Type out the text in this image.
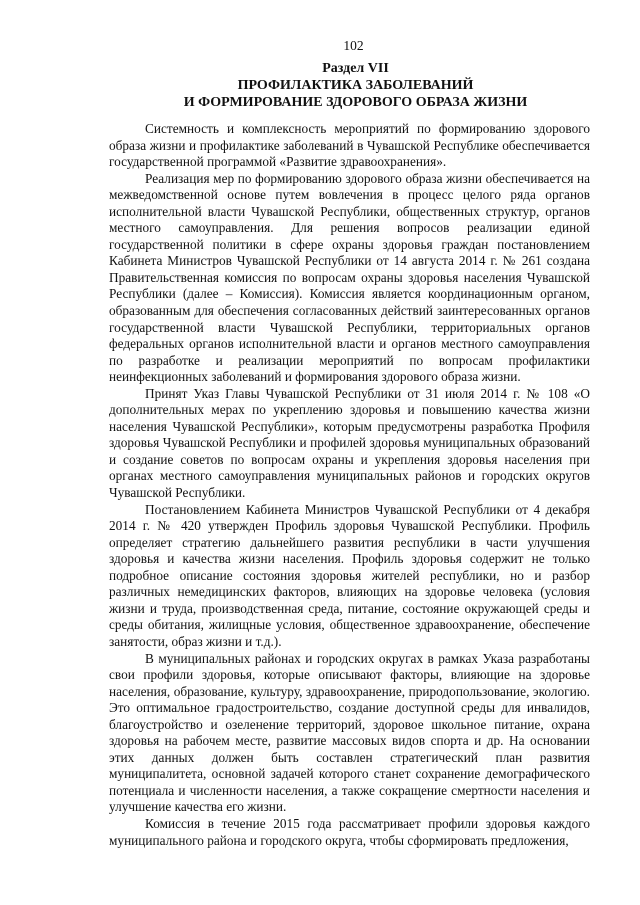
102
Раздел VII
ПРОФИЛАКТИКА ЗАБОЛЕВАНИЙ
И ФОРМИРОВАНИЕ ЗДОРОВОГО ОБРАЗА ЖИЗНИ

Системность и комплексность мероприятий по формированию здорового образа жизни и профилактике заболеваний в Чувашской Республике обеспечивается государственной программой «Развитие здравоохранения».

Реализация мер по формированию здорового образа жизни обеспечивается на межведомственной основе путем вовлечения в процесс целого ряда органов исполнительной власти Чувашской Республики, общественных структур, органов местного самоуправления. Для решения вопросов реализации единой государственной политики в сфере охраны здоровья граждан постановлением Кабинета Министров Чувашской Республики от 14 августа 2014 г. № 261 создана Правительственная комиссия по вопросам охраны здоровья населения Чувашской Республики (далее – Комиссия). Комиссия является координационным органом, образованным для обеспечения согласованных действий заинтересованных органов государственной власти Чувашской Республики, территориальных органов федеральных органов исполнительной власти и органов местного самоуправления по разработке и реализации мероприятий по вопросам профилактики неинфекционных заболеваний и формирования здорового образа жизни.

Принят Указ Главы Чувашской Республики от 31 июля 2014 г. № 108 «О дополнительных мерах по укреплению здоровья и повышению качества жизни населения Чувашской Республики», которым предусмотрены разработка Профиля здоровья Чувашской Республики и профилей здоровья муниципальных образований и создание советов по вопросам охраны и укрепления здоровья населения при органах местного самоуправления муниципальных районов и городских округов Чувашской Республики.

Постановлением Кабинета Министров Чувашской Республики от 4 декабря 2014 г. № 420 утвержден Профиль здоровья Чувашской Республики. Профиль определяет стратегию дальнейшего развития республики в части улучшения здоровья и качества жизни населения. Профиль здоровья содержит не только подробное описание состояния здоровья жителей республики, но и разбор различных немедицинских факторов, влияющих на здоровье человека (условия жизни и труда, производственная среда, питание, состояние окружающей среды и среды обитания, жилищные условия, общественное здравоохранение, обеспечение занятости, образ жизни и т.д.).

В муниципальных районах и городских округах в рамках Указа разработаны свои профили здоровья, которые описывают факторы, влияющие на здоровье населения, образование, культуру, здравоохранение, природопользование, экологию. Это оптимальное градостроительство, создание доступной среды для инвалидов, благоустройство и озеленение территорий, здоровое школьное питание, охрана здоровья на рабочем месте, развитие массовых видов спорта и др. На основании этих данных должен быть составлен стратегический план развития муниципалитета, основной задачей которого станет сохранение демографического потенциала и численности населения, а также сокращение смертности населения и улучшение качества его жизни.

Комиссия в течение 2015 года рассматривает профили здоровья каждого муниципального района и городского округа, чтобы сформировать предложения,
